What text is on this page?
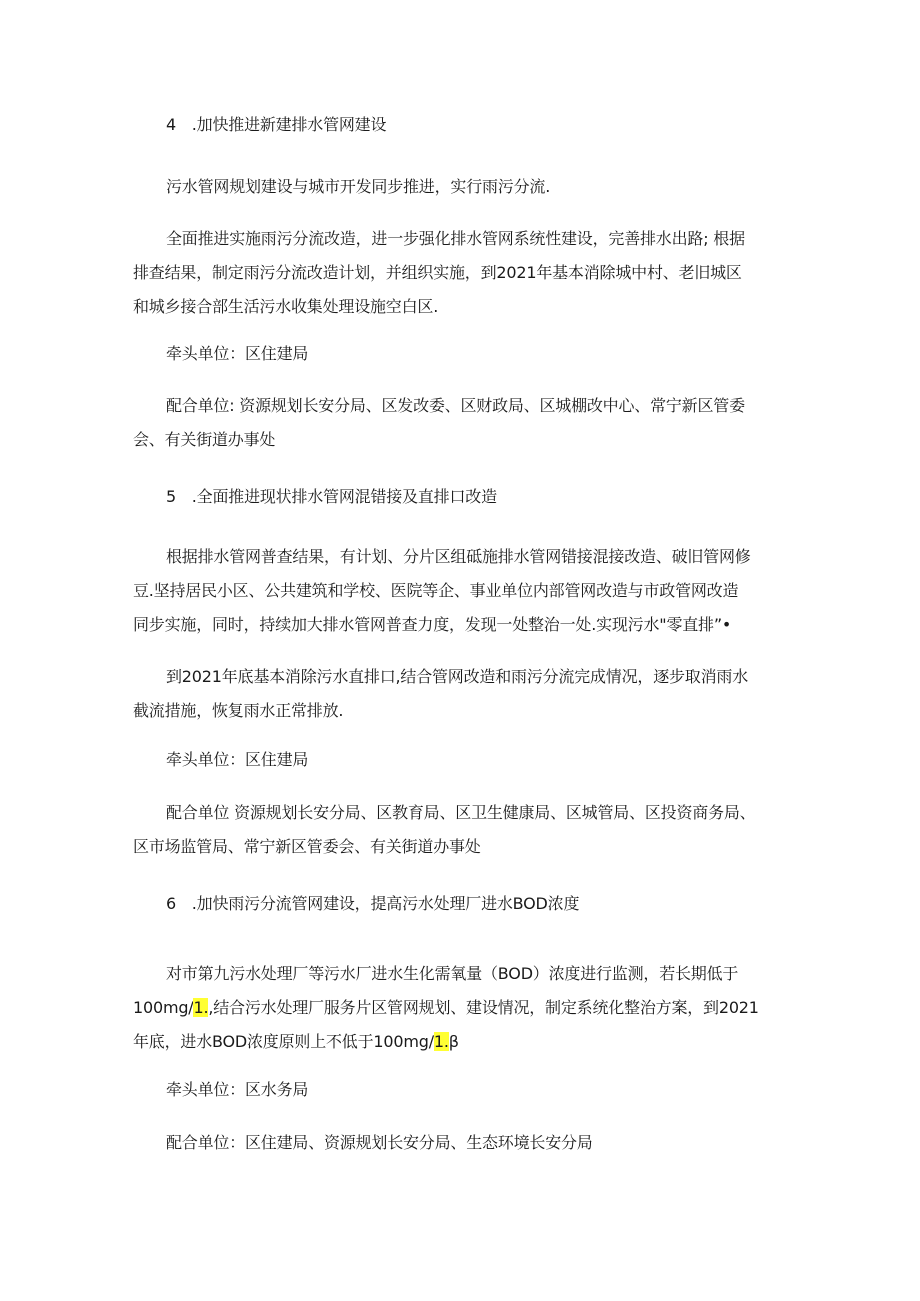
4　.加快推进新建排水管网建设
污水管网规划建设与城市开发同步推进，实行雨污分流.
全面推进实施雨污分流改造，进一步强化排水管网系统性建设，完善排水出路; 根据
排查结果，制定雨污分流改造计划，并组织实施，到2021年基本消除城中村、老旧城区
和城乡接合部生活污水收集处理设施空白区.
牵头单位：区住建局
配合单位: 资源规划长安分局、区发改委、区财政局、区城棚改中心、常宁新区管委
会、有关街道办事处
5　.全面推进现状排水管网混错接及直排口改造
根据排水管网普查结果，有计划、分片区组砥施排水管网错接混接改造、破旧管网修
豆.坚持居民小区、公共建筑和学校、医院等企、事业单位内部管网改造与市政管网改造
同步实施，同时，持续加大排水管网普查力度，发现一处整治一处.实现污水"零直排”•
到2021年底基本消除污水直排口,结合管网改造和雨污分流完成情况，逐步取消雨水
截流措施，恢复雨水正常排放.
牵头单位：区住建局
配合单位 资源规划长安分局、区教育局、区卫生健康局、区城管局、区投资商务局、
区市场监管局、常宁新区管委会、有关街道办事处
6　.加快雨污分流管网建设，提高污水处理厂进水BOD浓度
对市第九污水处理厂等污水厂进水生化需氧量（BOD）浓度进行监测，若长期低于
100mg∕1.,结合污水处理厂服务片区管网规划、建设情况，制定系统化整治方案，到2021
年底，进水BOD浓度原则上不低于100mg∕1.β
牵头单位：区水务局
配合单位：区住建局、资源规划长安分局、生态环境长安分局
